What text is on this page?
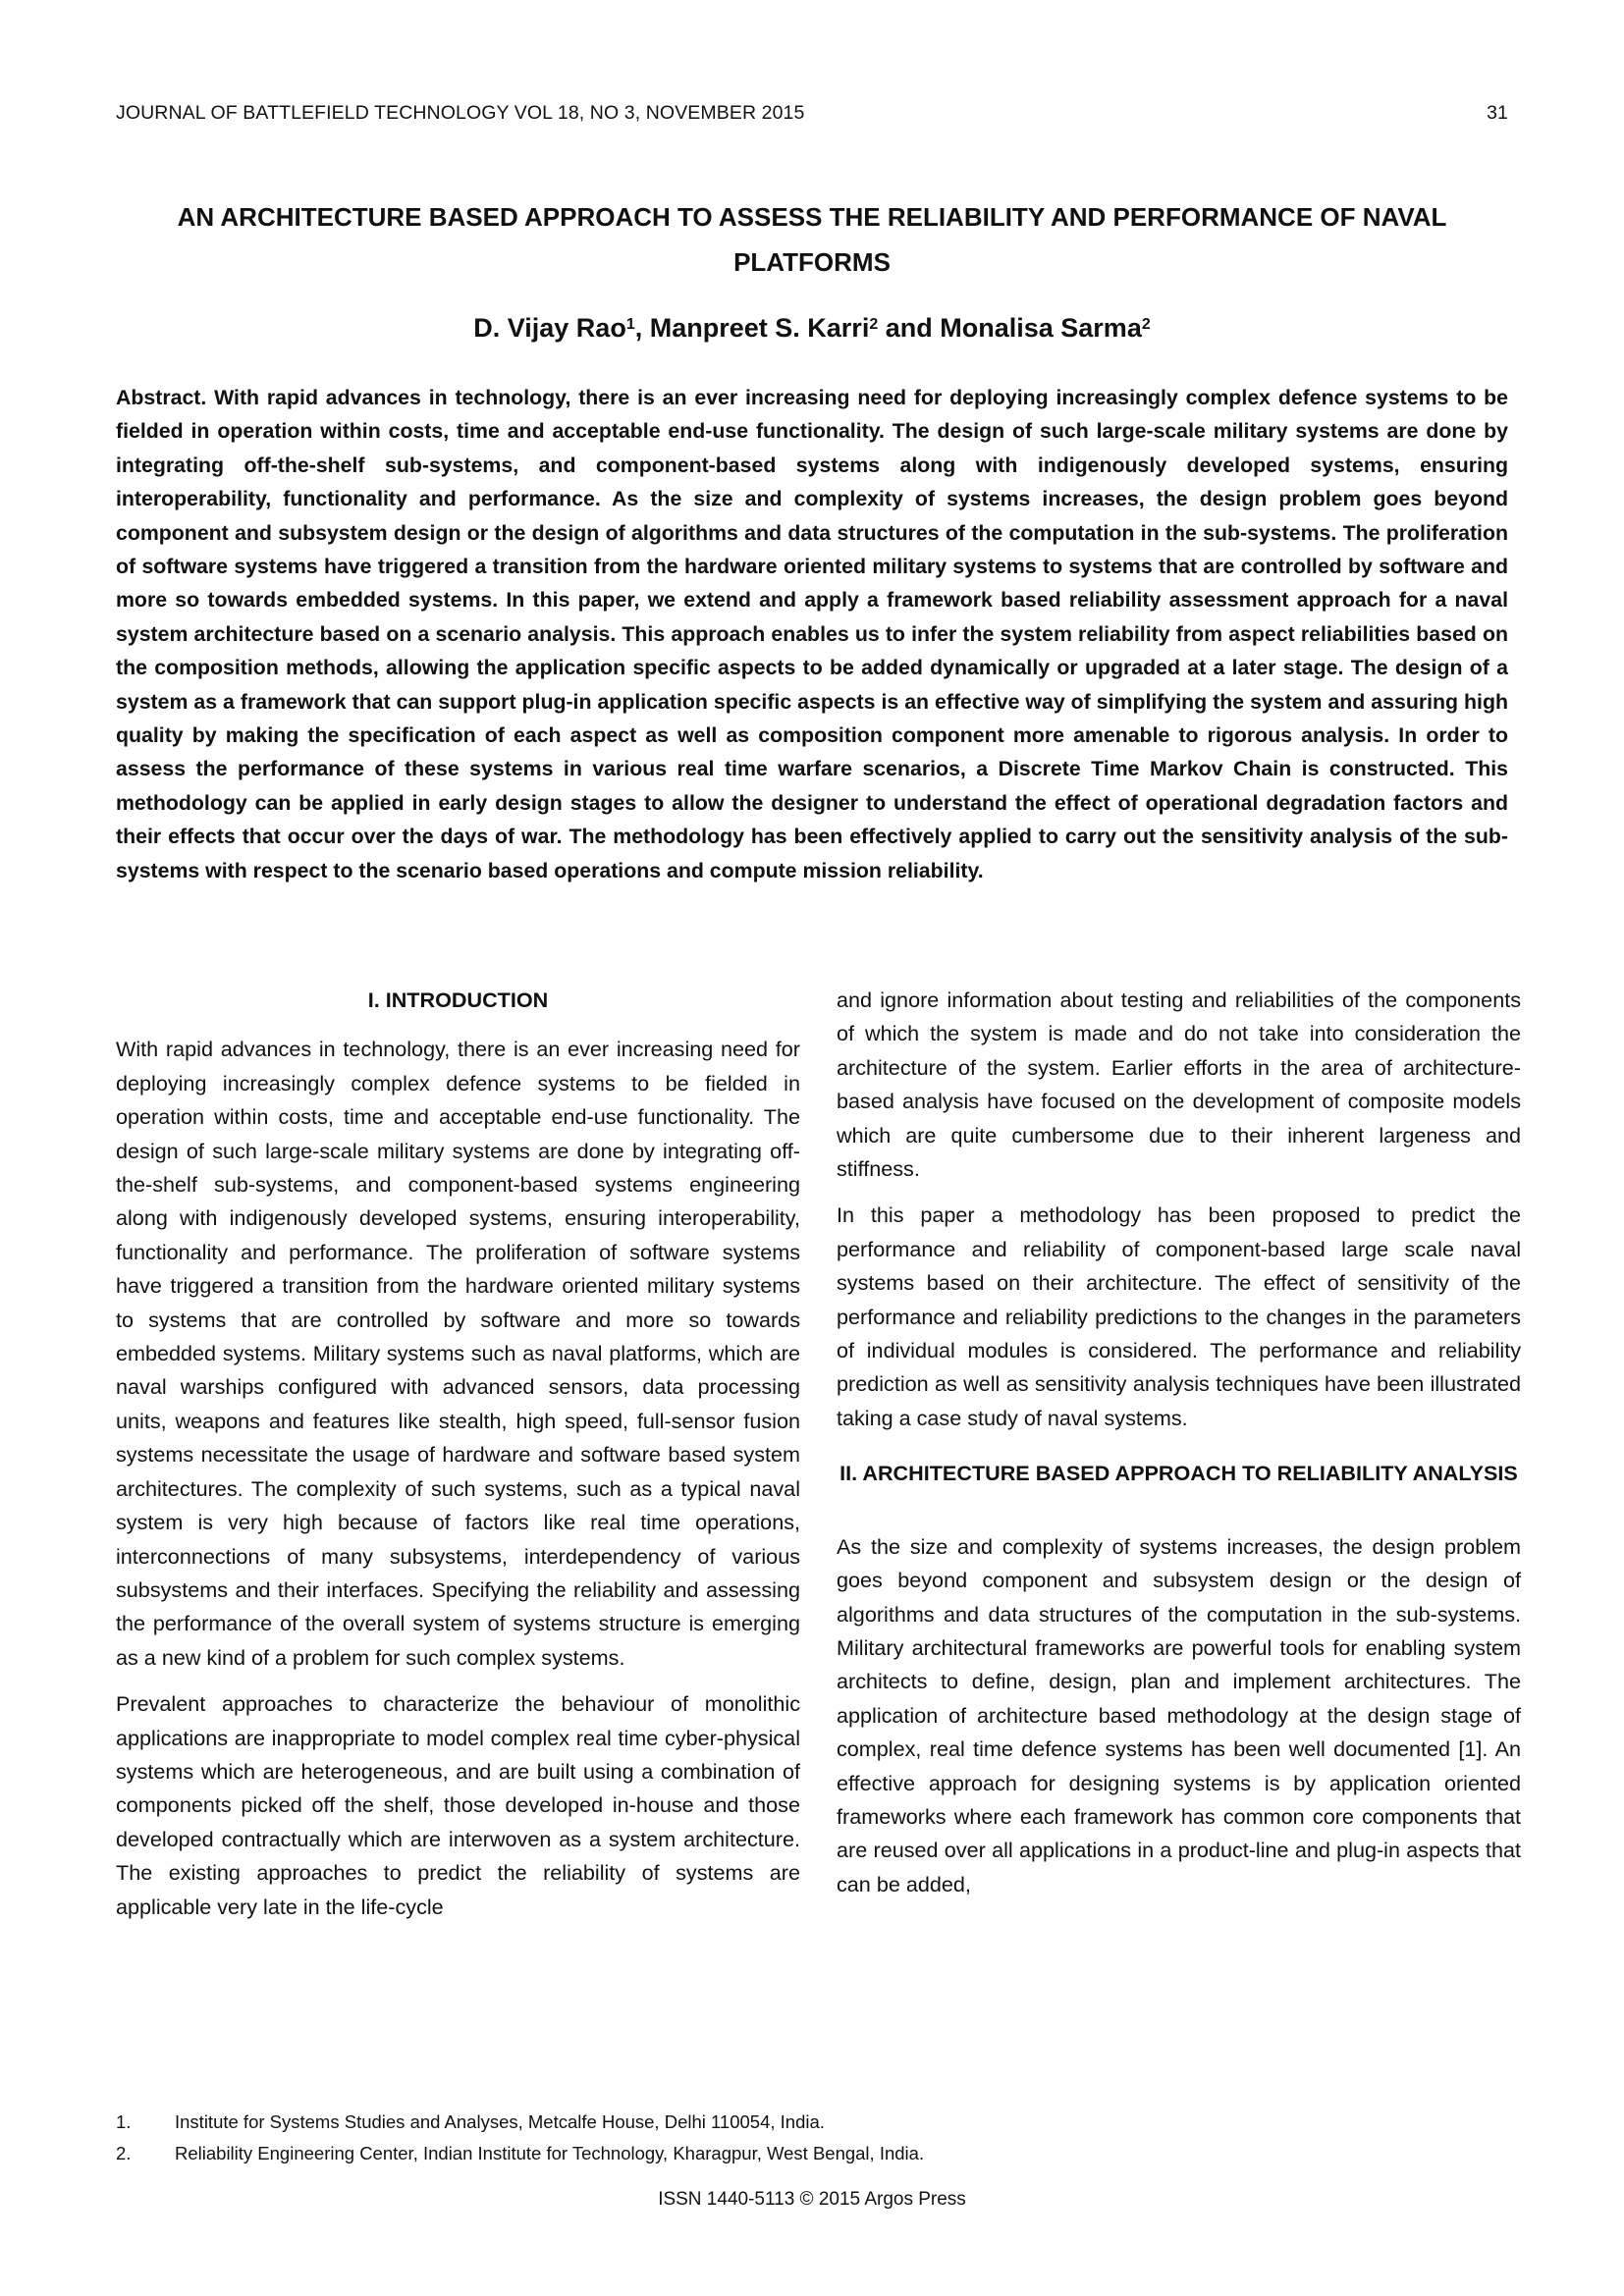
JOURNAL OF BATTLEFIELD TECHNOLOGY VOL 18, NO 3, NOVEMBER 2015	31
AN ARCHITECTURE BASED APPROACH TO ASSESS THE RELIABILITY AND PERFORMANCE OF NAVAL PLATFORMS
D. Vijay Rao$^1$, Manpreet S. Karri$^2$ and Monalisa Sarma$^2$

Abstract. With rapid advances in technology, there is an ever increasing need for deploying increasingly complex defence systems to be fielded in operation within costs, time and acceptable end-use functionality. The design of such large-scale military systems are done by integrating off-the-shelf sub-systems, and component-based systems along with indigenously developed systems, ensuring interoperability, functionality and performance. As the size and complexity of systems increases, the design problem goes beyond component and subsystem design or the design of algorithms and data structures of the computation in the sub-systems. The proliferation of software systems have triggered a transition from the hardware oriented military systems to systems that are controlled by software and more so towards embedded systems. In this paper, we extend and apply a framework based reliability assessment approach for a naval system architecture based on a scenario analysis. This approach enables us to infer the system reliability from aspect reliabilities based on the composition methods, allowing the application specific aspects to be added dynamically or upgraded at a later stage. The design of a system as a framework that can support plug-in application specific aspects is an effective way of simplifying the system and assuring high quality by making the specification of each aspect as well as composition component more amenable to rigorous analysis. In order to assess the performance of these systems in various real time warfare scenarios, a Discrete Time Markov Chain is constructed. This methodology can be applied in early design stages to allow the designer to understand the effect of operational degradation factors and their effects that occur over the days of war. The methodology has been effectively applied to carry out the sensitivity analysis of the sub-systems with respect to the scenario based operations and compute mission reliability.

I. INTRODUCTION

With rapid advances in technology, there is an ever increasing need for deploying increasingly complex defence systems to be fielded in operation within costs, time and acceptable end-use functionality. The design of such large-scale military systems are done by integrating off-the-shelf sub-systems, and component-based systems engineering along with indigenously developed systems, ensuring interoperability, functionality and performance. The proliferation of software systems have triggered a transition from the hardware oriented military systems to systems that are controlled by software and more so towards embedded systems. Military systems such as naval platforms, which are naval warships configured with advanced sensors, data processing units, weapons and features like stealth, high speed, full-sensor fusion systems necessitate the usage of hardware and software based system architectures. The complexity of such systems, such as a typical naval system is very high because of factors like real time operations, interconnections of many subsystems, interdependency of various subsystems and their interfaces. Specifying the reliability and assessing the performance of the overall system of systems structure is emerging as a new kind of a problem for such complex systems.

Prevalent approaches to characterize the behaviour of monolithic applications are inappropriate to model complex real time cyber-physical systems which are heterogeneous, and are built using a combination of components picked off the shelf, those developed in-house and those developed contractually which are interwoven as a system architecture. The existing approaches to predict the reliability of systems are applicable very late in the life-cycle

and ignore information about testing and reliabilities of the components of which the system is made and do not take into consideration the architecture of the system. Earlier efforts in the area of architecture-based analysis have focused on the development of composite models which are quite cumbersome due to their inherent largeness and stiffness.

In this paper a methodology has been proposed to predict the performance and reliability of component-based large scale naval systems based on their architecture. The effect of sensitivity of the performance and reliability predictions to the changes in the parameters of individual modules is considered. The performance and reliability prediction as well as sensitivity analysis techniques have been illustrated taking a case study of naval systems.

II. ARCHITECTURE BASED APPROACH TO RELIABILITY ANALYSIS

As the size and complexity of systems increases, the design problem goes beyond component and subsystem design or the design of algorithms and data structures of the computation in the sub-systems. Military architectural frameworks are powerful tools for enabling system architects to define, design, plan and implement architectures. The application of architecture based methodology at the design stage of complex, real time defence systems has been well documented [1]. An effective approach for designing systems is by application oriented frameworks where each framework has common core components that are reused over all applications in a product-line and plug-in aspects that can be added,

1. Institute for Systems Studies and Analyses, Metcalfe House, Delhi 110054, India.
2. Reliability Engineering Center, Indian Institute for Technology, Kharagpur, West Bengal, India.
ISSN 1440-5113 © 2015 Argos Press
